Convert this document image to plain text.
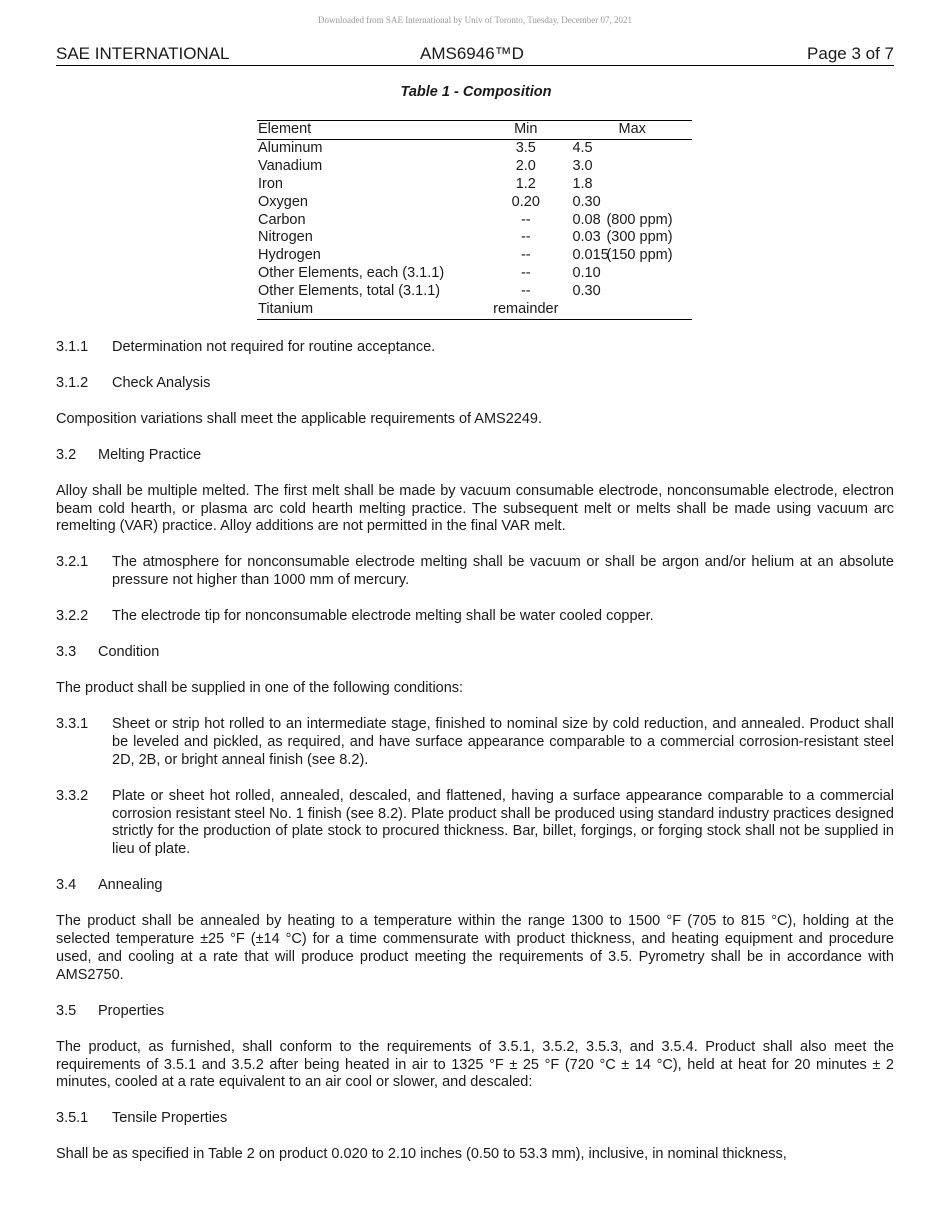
Downloaded from SAE International by Univ of Toronto, Tuesday, December 07, 2021
SAE INTERNATIONAL	AMS6946™D	Page 3 of 7
Table 1 - Composition
Element	Min	Max
Aluminum	3.5	4.5
Vanadium	2.0	3.0
Iron	1.2	1.8
Oxygen	0.20	0.30
Carbon	--	0.08 (800 ppm)
Nitrogen	--	0.03 (300 ppm)
Hydrogen	--	0.015(150 ppm)
Other Elements, each (3.1.1)	--	0.10
Other Elements, total (3.1.1)	--	0.30
Titanium	remainder	
3.1.1	Determination not required for routine acceptance.
3.1.2	Check Analysis

Composition variations shall meet the applicable requirements of AMS2249.

3.2	Melting Practice

Alloy shall be multiple melted. The first melt shall be made by vacuum consumable electrode, nonconsumable electrode, electron beam cold hearth, or plasma arc cold hearth melting practice. The subsequent melt or melts shall be made using vacuum arc remelting (VAR) practice. Alloy additions are not permitted in the final VAR melt.

3.2.1	The atmosphere for nonconsumable electrode melting shall be vacuum or shall be argon and/or helium at an absolute pressure not higher than 1000 mm of mercury.
3.2.2	The electrode tip for nonconsumable electrode melting shall be water cooled copper.
3.3	Condition

The product shall be supplied in one of the following conditions:

3.3.1	Sheet or strip hot rolled to an intermediate stage, finished to nominal size by cold reduction, and annealed. Product shall be leveled and pickled, as required, and have surface appearance comparable to a commercial corrosion-resistant steel 2D, 2B, or bright anneal finish (see 8.2).
3.3.2	Plate or sheet hot rolled, annealed, descaled, and flattened, having a surface appearance comparable to a commercial corrosion resistant steel No. 1 finish (see 8.2). Plate product shall be produced using standard industry practices designed strictly for the production of plate stock to procured thickness. Bar, billet, forgings, or forging stock shall not be supplied in lieu of plate.
3.4	Annealing

The product shall be annealed by heating to a temperature within the range 1300 to 1500 °F (705 to 815 °C), holding at the selected temperature ±25 °F (±14 °C) for a time commensurate with product thickness, and heating equipment and procedure used, and cooling at a rate that will produce product meeting the requirements of 3.5. Pyrometry shall be in accordance with AMS2750.

3.5	Properties

The product, as furnished, shall conform to the requirements of 3.5.1, 3.5.2, 3.5.3, and 3.5.4. Product shall also meet the requirements of 3.5.1 and 3.5.2 after being heated in air to 1325 °F ± 25 °F (720 °C ± 14 °C), held at heat for 20 minutes ± 2 minutes, cooled at a rate equivalent to an air cool or slower, and descaled:

3.5.1	Tensile Properties

Shall be as specified in Table 2 on product 0.020 to 2.10 inches (0.50 to 53.3 mm), inclusive, in nominal thickness,
